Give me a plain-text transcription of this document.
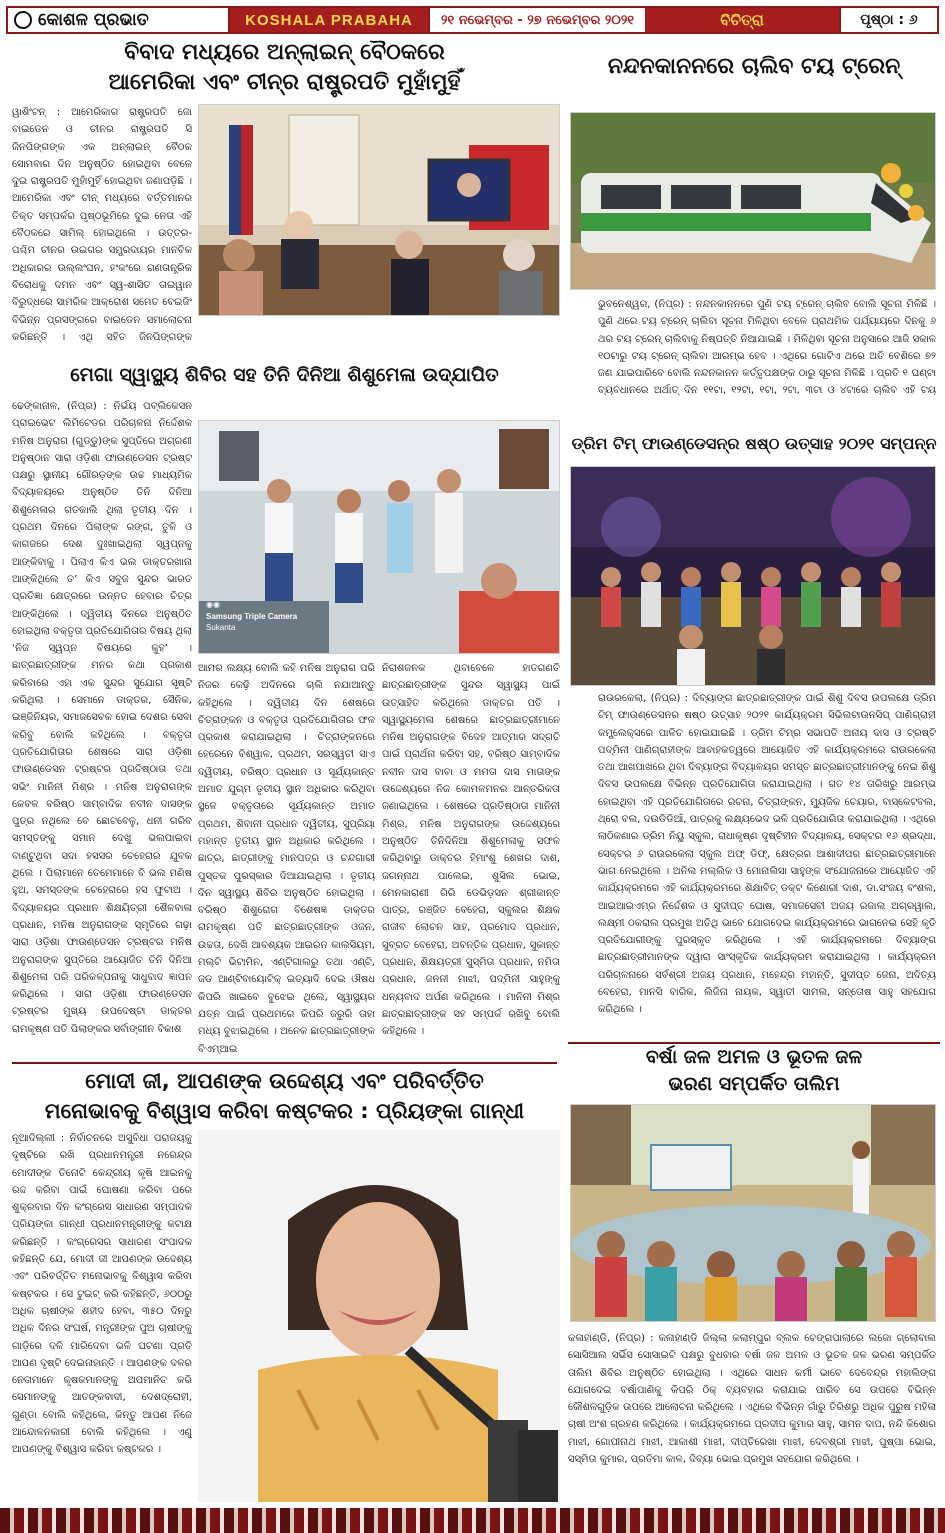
କୋଶଳ ପ୍ରଭାତ	KOSHALA PRABAHA	୨୧ ନଭେମ୍ବର - ୨୭ ନଭେମ୍ବର ୨୦୨୧	ବିଚିତ୍ରା	ପୃଷ୍ଠା : ୬
ବିବାଦ ମଧ୍ୟରେ ଅନ୍‌ଲାଇନ୍ ବୈଠକରେ
ଆମେରିକା ଏବଂ ଚୀନ୍‌ର ରାଷ୍ଟ୍ରପତି ମୁହାଁମୁହିଁ
ୱାଶିଂଟନ୍ : ଆମେରିକାର ରାଷ୍ଟ୍ରପତି ଜୋ ବାଇଡେନ ଓ ଚୀନର ରାଷ୍ଟ୍ରପତି ସି ଜିନପିଙ୍ଗଙ୍କ ଏକ ଅନ୍‌ଲାଇନ୍ ବୈଠକ ସୋମବାର ଦିନ ଅନୁଷ୍ଠିତ ହୋଇଥିବା ବେଳେ ଦୁଇ ରାଷ୍ଟ୍ରପତି ମୁହାଁମୁହିଁ ହୋଇଥିବା ଜଣାପଡ଼ିଛି । ଆମେରିକା ଏବଂ ଚୀନ୍ ମଧ୍ୟରେ ବର୍ତ୍ତମାନର ତିକ୍ତ ସମ୍ପର୍କର ପୃଷ୍ଠଭୂମିରେ ଦୁଇ ନେତା ଏହି ବୈଠକରେ ସାମିଲ୍ ହୋଇଥିଲେ । ଉତ୍ତର-ପଶ୍ଚିମ ଚୀନର ଉଇଗର ସମ୍ପ୍ରଦାୟର ମାନବିକ ଅଧିକାରର ଉଲ୍ଲଂଘନ, ହଂକଂରେ ଗଣତାନ୍ତ୍ରିକ ବିରୋଧକୁ ଦମନ ଏବଂ ସ୍ୱ-ଶାସିତ ତାଇୱାନ ବିରୁଦ୍ଧରେ ସାମରିକ ଆକ୍ରୋଶ ସମେତ ବେଇଜିଂ ବିଭିନ୍ନ ପ୍ରସଙ୍ଗରେ ବାଇଡେନ ସମାଲୋଚନା କରିଛନ୍ତି । ଏଥି ସହିତ ଜିନପିଙ୍ଗଙ୍କ
ନନ୍ଦନକାନନରେ ଚାଲିବ ଟୟ ଟ୍ରେନ୍
ଭୁବନେଶ୍ୱର, (ନିପ୍ର) : ନନ୍ଦନକାନନରେ ପୁଣି ଟୟ ଟ୍ରେନ୍ ଚାଲିବ ବୋଲି ସୂଚନା ମିଳିଛି । ପୁଣି ଥରେ ଟୟ ଟ୍ରେନ୍ ଚାଲିବା ସୂଚନା ମିଳିଥିବା ବେଳେ ପ୍ରାଥମିକ ପର୍ଯ୍ୟାୟରେ ଦିନକୁ ୬ ଥର ଟୟ ଟ୍ରେନ୍ ଚାଲିବାକୁ ନିଷ୍ପତ୍ତି ନିଆଯାଇଛି । ମିଳିଥିବା ସୂଚନା ଅନୁସାରେ ଆଜି ସକାଳ ୧୦ଟାରୁ ଟୟ ଟ୍ରେନ୍ ଚାଲିବା ଆରମ୍ଭ ହେବ । ଏଥିରେ ଗୋଟିଏ ଥରେ ଅତି ବେଶିରେ ୭୨ ଜଣ ଯାଇପାରିବେ ବୋଲି ନନ୍ଦନକାନନ କର୍ତ୍ତୃପକ୍ଷଙ୍କ ଠାରୁ ସୂଚନା ମିଳିଛି । ପ୍ରତି ୧ ଘଣ୍ଟା ବ୍ୟବଧାନରେ ଅର୍ଥାତ୍ ଦିନ ୧୧ଟା, ୧୨ଟା, ୧ଟା, ୨ଟା, ୩ଟା ଓ ୪ଟାରେ ଚାଲିବ ଏହି ଟୟ
ମେଗା ସ୍ୱାସ୍ଥ୍ୟ ଶିବିର ସହ ତିନି ଦିନିଆ ଶିଶୁମେଳା ଉଦ୍‌ଯାପିତ
ଢେଙ୍କାନାଳ, (ନିପ୍ର) : ନିର୍ଭୟ ପବ୍ଲିକେସନ ପ୍ରାଇଭେଟ ଲିମିଟେଡର ପରିଚାଳନା ନିର୍ଦ୍ଦେଶକ ମନିଷ ଅନୁରାଗ (ଗୁଡ୍ଡୁ)ଙ୍କ ସୁପ୍ତିରେ ଅଗ୍ରଣୀ ଅନୁଷ୍ଠାନ ସାରା ଓଡ଼ିଶା ଫାଉଣ୍ଡେସନ ଟ୍ରଷ୍ଟ ପକ୍ଷରୁ ସ୍ଥାନୀୟ ଗୌରଡ଼ଙ୍କ ଉଚ୍ଚ ମାଧ୍ୟମିକ ବିଦ୍ୟାଳୟରେ ଅନୁଷ୍ଠିତ ତିନି ଦିନିଆ ଶିଶୁମେଳାର ଗତକାଲି ଥିଲା ତୃତୀୟ ଦିନ । ପ୍ରଥମ ଦିନରେ ପିଲାଙ୍କ ରଙ୍ଗ, ତୁଳି ଓ କାଗଜରେ ଦେଶ ଦୁଃଖାଇଥିଲା ସ୍ୱପ୍ନକୁ ଆଙ୍କିବାକୁ । ପିଲାଏ କିଏ ଭଲ ଡାକ୍ତରଖାନା ଆଙ୍କିଥିଲେ ତ’ କିଏ ସବୁଜ ସୁନ୍ଦର ଭାରତ ପ୍ରତିଜ୍ଞା କ୍ଷେତ୍ରରେ ଉନ୍ନତ ହେବାର ଚିତ୍ର ଆଙ୍କିଥିଲେ । ଦ୍ୱିତୀୟ ଦିନରେ ଅନୁଷ୍ଠିତ ହୋଇଥିଲା ବକ୍ତୃତା ପ୍ରତିଯୋଗିତାର ବିଷୟ ଥିଲା ‘ନିଜ ସ୍ୱପ୍ନ ବିଷୟରେ କୁହ’ । ଛାତ୍ରଛାତ୍ରୀଙ୍କ ମନର କଥା ପ୍ରକାଶ କରିବାରେ ଏହା ଏକ ସୁନ୍ଦର ସୁଯୋଗ ସୃଷ୍ଟି କରିଥିଲା । ସେମାନେ ଡାକ୍ତର, ସୈନିକ, ଇଞ୍ଜିନିୟର, ସମାଜସେବକ ହୋଇ ଦେଶର ସେବା କରିବୁ ବୋଲି କହିଥିଲେ । ବକ୍ତୃତା ପ୍ରତିଯୋଗିତାର ଶେଷରେ ସାରା ଓଡ଼ିଶା ଫାଉଣ୍ଡେସନ ଟ୍ରଷ୍ଟର ପ୍ରତିଷ୍ଠାତା ତଥା ସଭିଂ ମାନିନୀ ମିଶ୍ର । ମନିଷ ଅନୁରାଗଙ୍କ କେବଳ ବରିଷ୍ଠ ସାମ୍ବାଦିକ ନବୀନ ଦାସଙ୍କ ପୁତ୍ର ନଥିଲେ ବେ ଛୋଟବେଳୁ, ଧନୀ ଗରିବ ସମସ୍ତଙ୍କୁ ସମାନ ଦେଖୁ ଭଲପାଇବା ବାଣ୍ଟୁଥିବା ସଦା ହସସର ଚେହେରାର ଯୁବକ ଥିଲେ । ପିଲାମାନେ ତେମେମାନେ ବି ଭଲ ମଣିଷ ହୁଅ, ସମସ୍ତଙ୍କ ଚେହେରାରେ ହସ ଫୁଟାଅ । ବିଦ୍ୟାଳୟର ପ୍ରଧାନ ଶିକ୍ଷୟିତ୍ରୀ ଶୈଳବାଳା ପ୍ରଧାନ, ମନିଷ ଅନୁରାଗଙ୍କ ସ୍ମୃତିରେ ଗଢ଼ା ସାରା ଓଡ଼ିଶା ଫାଉଣ୍ଡେସନ ଟ୍ରଷ୍ଟର ମନିଷ ଅନୁରାଗଙ୍କ ସୁପ୍ତିରେ ଆୟୋଜିତ ତିନି ଦିନିଆ ଶିଶୁମେଳା ପରି ପରିକଳ୍ପନାକୁ ସାଧୁବାଦ ଜ୍ଞାପନ କରିଥିଲେ । ସାରା ଓଡ଼ିଶା ଫାଉଣ୍ଡେସନ ଟ୍ରଷ୍ଟର ମୁଖ୍ୟ ଉପଦେଷ୍ଟା ଡାକ୍ତର ରାମକୃଷ୍ଣ ପତି ପିଲାଙ୍କର ସର୍ବାଙ୍ଗୀନ ବିକାଶ
◉◉
Samsung Triple Camera
Sukanta
ଆମର ଲକ୍ଷ୍ୟ ବୋଲି କହି ମନିଷ ଅନୁରାଗ ପରି ନିଜର କେଢ଼ି ଅଦିନରେ ଚାଲି ନଯାଆନ୍ତୁ କହିଥିଲେ । ଦ୍ୱିତୀୟ ଦିନ ଶେଷରେ ଚିତ୍ରାଙ୍କନ ଓ ବକ୍ତୃତା ପ୍ରତିଯୋଗିତାର ଫଳ ପ୍ରକାଶ କରାଯାଇଥିଲା । ଚିତ୍ରାଙ୍କନରେ ହେରେନେ ବିଶ୍ୱାଳ, ପ୍ରଥମ, ସରସ୍ୱତୀ ସାଏ ଦ୍ୱିତୀୟ, ବରିଷ୍ଠ ପ୍ରଧାନ ଓ ସୂର୍ଯ୍ୟକାନ୍ତ ଅମାତ ଯୁଗ୍ମ ତୃତୀୟ ସ୍ଥାନ ଅଧିକାର କରିଥିବା ସ୍ଥଳେ ବକ୍ତୃତାରେ ସୂର୍ଯ୍ୟକାନ୍ତ ଅମାତ ପ୍ରଥମ, ଶିବାନୀ ପ୍ରଧାନ ଦ୍ୱିତୀୟ, ସୁପ୍ରିୟା ମହାନ୍ତ ତୃତୀୟ ସ୍ଥାନ ଅଧିକାର କରିଥିଲେ । ଛାତ୍ର, ଛାତ୍ରୀଙ୍କୁ ମାନପତ୍ର ଓ ଚନ୍ଦଗାରୀ ପୁସ୍ତକ ପୁରସ୍କାର ଦିଆଯାଇଥିଲା । ତୃତୀୟ ଦିନ ସ୍ୱାସ୍ଥ୍ୟ ଶିବିର ଅନୁଷ୍ଠିତ ହୋଇଥିଲା । ବରିଷ୍ଠ ଶିଶୁରୋଗ ବିଶେଷଜ୍ଞ ଡାକ୍ତର ରାମକୃଷ୍ଣ ପତି ଛାତ୍ରଛାତ୍ରୀଙ୍କ ଓଜନ, ଉଚ୍ଚତା, ଦେଖି ଆବଶ୍ୟକ ଆଇରନ କାଲସିୟମ, ମଲ୍ଟି ଭିଟାମିନ, ଏଣ୍ଟିଗାଲରୁ ତଥା ଏଣ୍ଟି, ଜଡ ଆଣ୍ଟିବାୟୋଟିକ୍ ଇତ୍ୟାଦି ଦେଇ ଔଷଧ କିପରି ଖାଇବେ ବୁଝେଇ ଥିଲେ, ସ୍ୱାସ୍ଥ୍ୟର ଯତ୍ନ ପାଇଁ ପ୍ରଥମରେ କିପରି ଜରୁରି ତାହା ମଧ୍ୟ ବୁଝାଇଥିଲେ । ଅନେକ ଛାତ୍ରଛାତ୍ରୀଙ୍କ ବିଏମ୍‌ଆଇ
ନିରାଶଜନକ ଥିବାବେଳେ ହାତଗଣତି ଛାତ୍ରଛାତ୍ରୀଙ୍କ ସୁନ୍ଦର ସ୍ୱାସ୍ଥ୍ୟ ପାଇଁ ଉତ୍ସାହିତ କରିଥିଲେ ଡାକ୍ତର ପତି । ସ୍ୱାସ୍ଥ୍ୟମେଳା ଶେଷରେ ଛାତ୍ରଛାତ୍ରୀମାନେ ମନିଷ ଅନୁରାଗଙ୍କ ବିଦେହ ଆତ୍ମାର ସଦ୍‌ଗତି ପାଇଁ ପ୍ରାର୍ଥନା କରିବା ସହ, ବରିଷ୍ଠ ସାମ୍ବାଦିକ ନବୀନ ଦାସ ବାବା ଓ ମମତା ଦାସ ମାତାଙ୍କ ଉଦ୍ଦେଶ୍ୟରେ ନିଜ କୋମଳମନର ଆନ୍ତରିକତା ଜଣାଇଥିଲେ । ଶେଷରେ ପ୍ରତିଷ୍ଠାତା ମାନିନୀ ମିଶ୍ର, ମନିଷ ଅନୁରାଗଙ୍କ ଉଦ୍ଦେଶ୍ୟରେ ଅନୁଷ୍ଠିତ ତିନିଦିନିଆ ଶିଶୁମେଳାକୁ ସଫଳ କରିଥିବାରୁ ଡାକ୍ତର ହିମାଂଶୁ ଶେଖର ଦାଶ, ଜଗନ୍ନାଥ ପାଲେଇ, ଶୁସିଲ ଭୋଇ, ମେନକାରାଣୀ ଗିରି ଡେଭିଡ଼ସନ ଶ୍ରୀକାନ୍ତ ପାତ୍ର, ରଞ୍ଜିତ ବେହେରା, ସ୍କୁଲର ଶିକ୍ଷକ ରାଜୀବ ଲୋଚନ ସାହ, ପ୍ରମୋଦ ପ୍ରଧାନ, ସୁବ୍ରତ ବେହେରା, ଅବନ୍ତିକ ପ୍ରଧାନ, ସୁକାନ୍ତ ପ୍ରଧାନ, ଶିକ୍ଷୟତ୍ରୀ ସୁସ୍ମିତା ପ୍ରଧାନ, ନମିତା ପ୍ରଧାନ, ଜନନୀ ମାଝୀ, ପଦ୍ମିନୀ ସାହୁଙ୍କୁ ଧନ୍ୟବାଦ ଅର୍ପଣ କରିଥିଲେ । ମାନିନୀ ମିଶ୍ର ଛାତ୍ରଛାତ୍ରୀଙ୍କ ସହ ସମ୍ପର୍କ ରଖିବୁ ବୋଲି କହିଥିଲେ ।
ଡ୍ରିମ ଟିମ୍ ଫାଉଣ୍ଡେସନ୍‌ର ଷଷ୍ଠ ଉତ୍ସାହ ୨୦୨୧ ସମ୍ପନ୍ନ
ରାଉରକେଲା, (ନିପ୍ର) : ଦିବ୍ୟାଙ୍ଗ ଛାତ୍ରଛାତ୍ରୀଙ୍କ ପାଇଁ ଶିଶୁ ଦିବସ ଉପଲକ୍ଷେ ଡ୍ରିମ ଟିମ୍ ଫାଉଣ୍ଡେସନର ଷଷ୍ଠ ଉତ୍ସାହ ୨୦୨୧ କାର୍ଯ୍ୟକ୍ରମ ସିଭିଲଟାଉନସିପ୍ ପାଣିଗ୍ରାହୀ କମ୍ପ୍ଲେକ୍ସରେ ପାଳିତ ହୋଇଯାଇଛି । ଡ୍ରିମ ଟିମ୍‌ର ସଭାପତି ଅନାୟ ଦାସ ଓ ଟ୍ରଷ୍ଟି ପଦ୍ମିନୀ ପାଣିଗ୍ରାହୀଙ୍କ ଆବାହକତ୍ୱରେ ଆୟୋଜିତ ଏହି କାର୍ଯ୍ୟକ୍ରମରେ ରାଉରକେଲା ତଥା ଆଖପାଖରେ ଥିବା ଦିବ୍ୟାଙ୍ଗ ବିଦ୍ୟାଳୟର ସମସ୍ତ ଛାତ୍ରଛାତ୍ରୀମାନଙ୍କୁ ନେଇ ଶିଶୁ ଦିବସ ଉପଲକ୍ଷେ ବିଭିନ୍ନ ପ୍ରତିଯୋଗିତା କରାଯାଇଥିଲା । ଗତ ୧୪ ତାରିଖରୁ ଆରମ୍ଭ ହୋଇଥିବା ଏହି ପ୍ରତିଯୋଗିତାରେ ରଚନା, ଚିତ୍ରାଙ୍କନ, ମ୍ୟୁଜିକ ଚେୟାର, ବାସ୍କେଟବଲ, ଥ୍ରୋ ବଲ, ଦଉଡିଡିଆଁ, ପାତ୍ରକୁ ଲକ୍ଷ୍ୟଭେଦ ଭଳି ପ୍ରତିଯୋଗିତା କରାଯାଇଥିଲା । ଏଥିରେ ଲାଠିକଣାର ଡ୍ରିମ ନିୟୁ ସ୍କୁଲ, ରାଧାକୃଷ୍ଣ ଦୃଷ୍ଟିହୀନ ବିଦ୍ୟାଳୟ, ସେକ୍ଟର ୧୬ ଶ୍ରଦ୍ଧା, ସେକ୍ଟର ୬ ରାଉରକେଲା ସ୍କୁଲ ଅଫ୍ ଡିଫ୍, କ୍ଷେତ୍ରର ଆଶାଦୀପର ଛାତ୍ରଛାତ୍ରୀମାନେ ଭାଗ ନେଇଥିଲେ । ଅନିଲ ମଲ୍ଲିକ ଓ ମୋନାଲିସା ସାହୁଙ୍କ ସଂଯୋଜନାରେ ଆୟୋଜିତ ଏହି କାର୍ଯ୍ୟକ୍ରମରେ ଏହି କାର୍ଯ୍ୟକ୍ରମରେ ଶିକ୍ଷାବିତ୍ ଡକ୍ଟ କିଶୋରୀ ଦାଶ, ଡା.ସଂଜୟ ବଂଶଲ, ଆଇଆଇଏମ୍‌ର ନିର୍ଦ୍ଦେଶକ ଓ ସୁଦୀପ୍ତ ଘୋଷ, ସମାଜସେବୀ ଅଜୟ ରଜାଲ ଅଗ୍ରୱାଲ, ଲକ୍ଷ୍ମୀ ଠକରାଲ ପ୍ରମୁଖ ଅତିଥି ଭାବେ ଯୋଗଦେଇ କାର୍ଯ୍ୟକ୍ରମରେ ଭାଗନେଇ ସେହି କୃତି ପ୍ରତିଯୋଗୀଙ୍କୁ ପୁରସ୍କୃତ କରିଥିଲେ । ଏହି କାର୍ଯ୍ୟକ୍ରମରେ ଦିବ୍ୟାଙ୍ଗ ଛାତ୍ରଛାତ୍ରୀମାନଙ୍କ ଦ୍ୱାରା ସାଂସ୍କୃତିକ କାର୍ଯ୍ୟକ୍ରମ କରାଯାଇଥିଲା । କାର୍ଯ୍ୟକ୍ରମ ପରିଚାଳନାରେ ସର୍ବଶ୍ରୀ ଅଜୟ ପ୍ରଧାନ, ମହେନ୍ଦ୍ର ମହାନ୍ତି, ସୁଦୀପ୍ତ ଜେନା, ଅଦିତ୍ୟ ବେହେରା, ମାନସି ବାରିକ, ଲିଜିନା ନାୟକ, ସ୍ୱାତୀ ସାମଲ, ସନ୍ତୋଷ ସାହୁ ସହଯୋଗ କରିଥିଲେ ।
ମୋଦୀ ଜୀ, ଆପଣଙ୍କ ଉଦ୍ଦେଶ୍ୟ ଏବଂ ପରିବର୍ତ୍ତିତ
ମନୋଭାବକୁ ବିଶ୍ୱାସ କରିବା କଷ୍ଟକର : ପ୍ରିୟଙ୍କା ଗାନ୍ଧୀ
ନୂଆଦିଲ୍ଲୀ : ନିର୍ବାଚନରେ ଅସୁବିଧା ପରାଜୟକୁ ଦୃଷ୍ଟିରେ ରଖି ପ୍ରଧାନମନ୍ତ୍ରୀ ନରେନ୍ଦ୍ର ମୋଦୀଙ୍କ ତିନୋଟି କେନ୍ଦ୍ରୀୟ କୃଷି ଆଇନକୁ ରଦ୍ଦ କରିବା ପାଇଁ ଘୋଷଣା କରିବା ପରେ ଶୁକ୍ରବାର ଦିନ କଂଗ୍ରେସ ସାଧାରଣ ସମ୍ପାଦକ ପ୍ରିୟଙ୍କା ଗାନ୍ଧୀ ପ୍ରଧାନମନ୍ତ୍ରୀଙ୍କୁ କଟାକ୍ଷ କରିଛନ୍ତି । କଂଗ୍ରେସର ସାଧାରଣ ସଂପାଦକ କହିଛନ୍ତି ଯେ, ମୋଦୀ ଜୀ ଆପଣଙ୍କ ଉଦ୍ଦେଶ୍ୟ ଏବଂ ପରିବର୍ତ୍ତିତ ମନୋଭାବକୁ ବିଶ୍ୱାସ କରିବା କଷ୍ଟକର । ସେ ଟୁଇଟ୍ କରି କହିଛନ୍ତି, ୬୦୦ରୁ ଅଧିକ ଚାଷୀଙ୍କ ଶହୀଦ ହେବା, ୩୫୦ ଦିନରୁ ଅଧିକ ଦିନର ସଂଘର୍ଷ, ମନ୍ତ୍ରୀଙ୍କ ପୁଅ ଚାଷୀଙ୍କୁ ଗାଡ଼ିରେ ଦଳି ମାରିଦେବା ଭଳି ଘଟଣା ପ୍ରତି ଆପଣ ଦୃଷ୍ଟି ଦେଇନାହାନ୍ତି । ଆପଣଙ୍କ ଦଳର ନେତାମାନେ କୃଷକମାନଙ୍କୁ ଅପମାନିତ କରି ସେମାନଙ୍କୁ ଆତଙ୍କବାଦୀ, ଦେଶଦ୍ରୋହୀ, ଗୁଣ୍ଡା ବୋଲି କହିଥିଲେ, କିନ୍ତୁ ଆପଣ ନିଜେ ଆନ୍ଦୋଳନକାରୀ ବୋଲି କହିଥିଲେ । ଏଣୁ ଆପଣଙ୍କୁ ବିଶ୍ୱାସ କରିବା କଷ୍ଟକର ।
ବର୍ଷା ଜଳ ଅମଳ ଓ ଭୂତଳ ଜଳ
ଭରଣ ସମ୍ପର୍କିତ ତାଲିମ
କଳାହାଣ୍ଡି, (ନିପ୍ର) : କଳାହାଣ୍ଡି ଜିଲ୍ଲା କଲାମ୍ପୁର ବ୍ଲକ ଚେଙ୍ଗପାଲାରେ ଲଜୋ ଗ୍ଲୋବାଲ ସୋସିଆଲ ସର୍ଭିସ ସୋସାଇଟି ପକ୍ଷରୁ ବୁଧବାର ବର୍ଷା ଜଳ ଅମଳ ଓ ଭୂତଳ ଜଳ ଭରଣ ସମ୍ପର୍କିତ ତାଲିମ ଶିବିର ଅନୁଷ୍ଠିତ ହୋଇଥିଲା । ଏଥିରେ ସାଧନ କର୍ମୀ ଭାବେ ଦେବେନ୍ଦ୍ର ମହାଲିଙ୍ଗ ଯୋଗଦେଇ ବର୍ଷାପାଣିକୁ କିପରି ଠିକ୍ ବ୍ୟବହାର କରାଯାଇ ପାରିବ ସେ ଉପରେ ବିଭିନ୍ନ କୌଶଳଗୁଡ଼ିକ ଉପରେ ଆଲୋଚନା କରିଥିଲେ । ଏଥିରେ ବିଭିନ୍ନ ଗାଁରୁ ତିରିଶରୁ ଅଧିକ ପୁରୁଷ ମହିଳା ଚାଷୀ ଅଂଶ ଗ୍ରହଣ କରିଥିଲେ । କାର୍ଯ୍ୟକ୍ରମରେ ପ୍ରଦୀପ କୁମାର ସାହୁ, ସାମନ ଦାପ, ନନ୍ଦି କିଶୋର ମାଝୀ, ଗୋପୀନାଥ ମାଝୀ, ଆକାଶୀ ମାଝୀ, ଦୀପ୍ତିରେଖା ମାଝୀ, ଦେବଶ୍ରୀ ମାଝୀ, ପୁଷ୍ପା ଭୋଇ, ସସ୍ମିତା କୁମାର, ପ୍ରତିମା କାଳ, ଦିବ୍ୟା ଭୋଇ ପ୍ରମୁଖ ସହଯୋଗ କରିଥିଲେ ।
